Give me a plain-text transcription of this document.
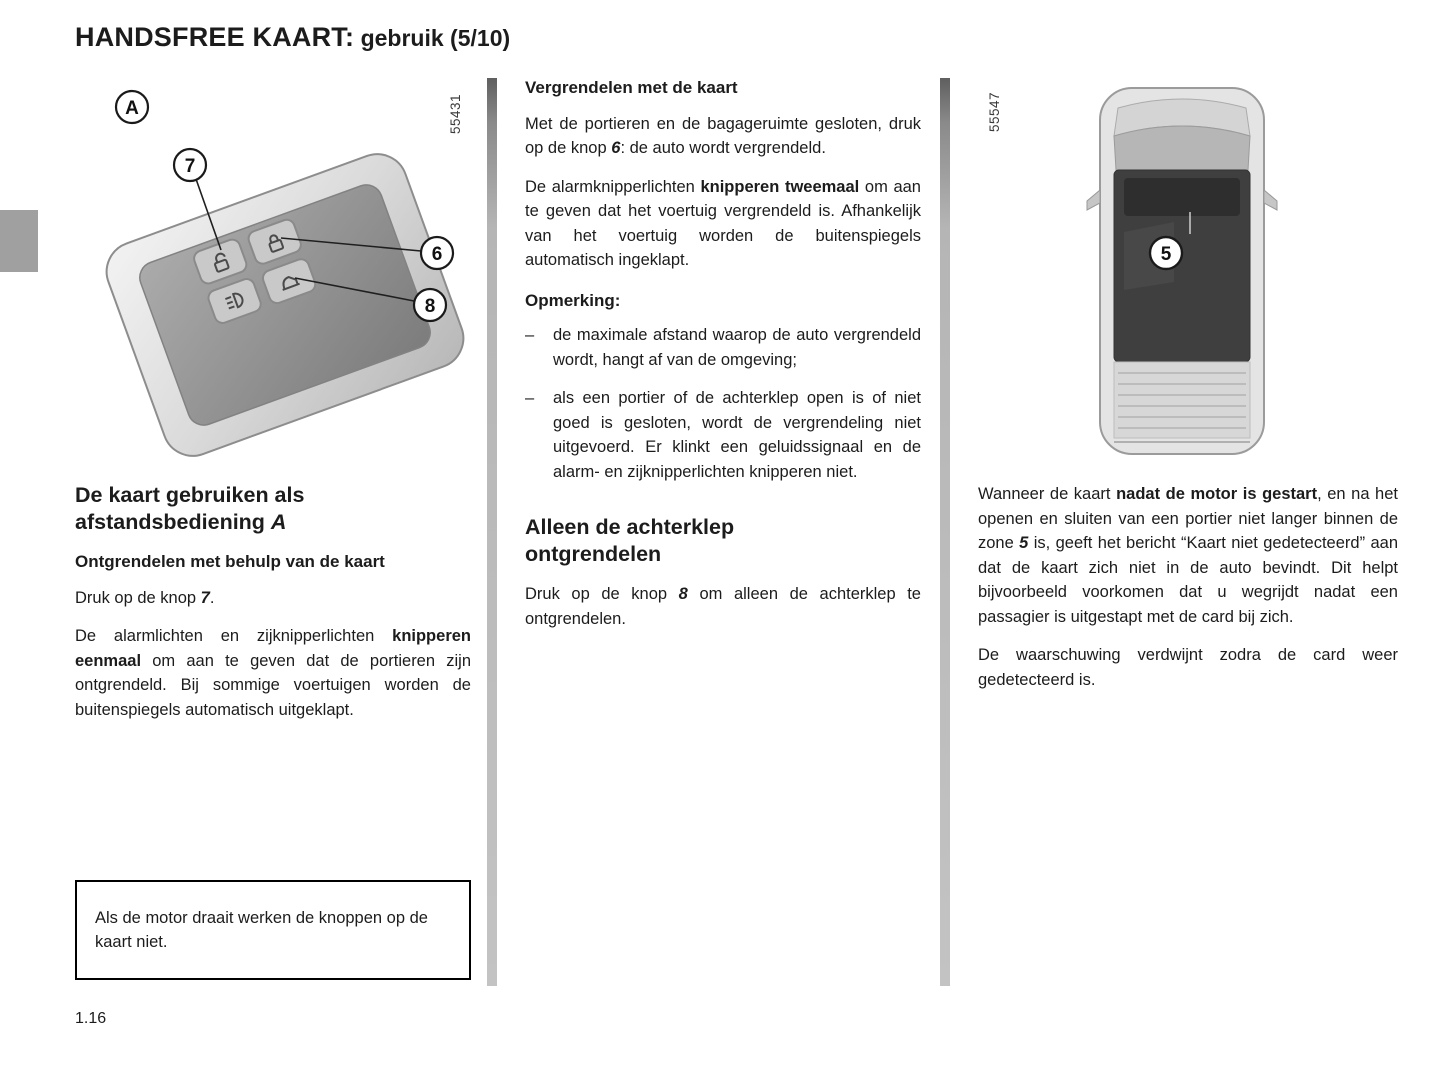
HANDSFREE KAART: gebruik (5/10)
A
7
6
8
55431
De kaart gebruiken als
afstandsbediening A
Ontgrendelen met behulp van de kaart

Druk op de knop 7.

De alarmlichten en zijknipperlichten knipperen eenmaal om aan te geven dat de portieren zijn ontgrendeld. Bij sommige voertuigen worden de buitenspiegels automatisch uitgeklapt.

Als de motor draait werken de knoppen op de kaart niet.
1.16
Vergrendelen met de kaart

Met de portieren en de bagageruimte gesloten, druk op de knop 6: de auto wordt vergrendeld.

De alarmknipperlichten knipperen tweemaal om aan te geven dat het voertuig vergrendeld is. Afhankelijk van het voertuig worden de buitenspiegels automatisch ingeklapt.

Opmerking:
–	de maximale afstand waarop de auto vergrendeld wordt, hangt af van de omgeving;
–	als een portier of de achterklep open is of niet goed is gesloten, wordt de vergrendeling niet uitgevoerd. Er klinkt een geluidssignaal en de alarm- en zijknipperlichten knipperen niet.
Alleen de achterklep
ontgrendelen

Druk op de knop 8 om alleen de achterklep te ontgrendelen.

5
55547

Wanneer de kaart nadat de motor is gestart, en na het openen en sluiten van een portier niet langer binnen de zone 5 is, geeft het bericht “Kaart niet gedetecteerd” aan dat de kaart zich niet in de auto bevindt. Dit helpt bijvoorbeeld voorkomen dat u wegrijdt nadat een passagier is uitgestapt met de card bij zich.

De waarschuwing verdwijnt zodra de card weer gedetecteerd is.
